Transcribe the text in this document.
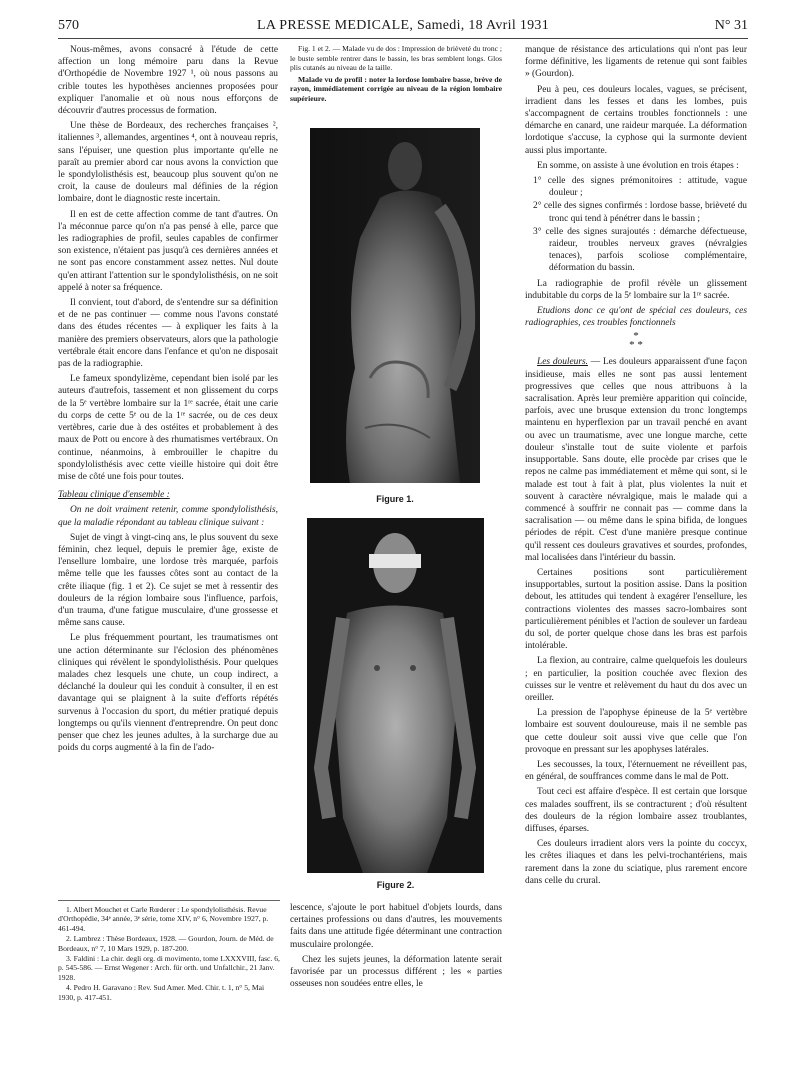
570	LA PRESSE MEDICALE, Samedi, 18 Avril 1931	N° 31

Nous-mêmes, avons consacré à l'étude de cette affection un long mémoire paru dans la Revue d'Orthopédie de Novembre 1927 ¹, où nous passons au crible toutes les hypothèses anciennes proposées pour expliquer l'anomalie et où nous nous efforçons de découvrir d'autres processus de formation.

Une thèse de Bordeaux, des recherches françaises ², italiennes ³, allemandes, argentines ⁴, ont à nouveau repris, sans l'épuiser, une question plus importante qu'elle ne paraît au premier abord car nous avons la conviction que le spondylolisthésis est, beaucoup plus souvent qu'on ne croit, la cause de douleurs mal définies de la région lombaire, dont le diagnostic reste incertain.

Il en est de cette affection comme de tant d'autres. On l'a méconnue parce qu'on n'a pas pensé à elle, parce que les radiographies de profil, seules capables de confirmer son existence, n'étaient pas jusqu'à ces dernières années et ne sont pas encore constamment assez nettes. Nul doute qu'en attirant l'attention sur le spondylolisthésis, on ne soit appelé à noter sa fréquence.

Il convient, tout d'abord, de s'entendre sur sa définition et de ne pas continuer — comme nous l'avons constaté dans des études récentes — à expliquer les faits à la manière des premiers observateurs, alors que la pathologie vertébrale était encore dans l'enfance et qu'on ne disposait pas de la radiographie.

Le fameux spondylizème, cependant bien isolé par les auteurs d'autrefois, tassement et non glissement du corps de la 5ᵉ vertèbre lombaire sur la 1ʳᵉ sacrée, était une carie du corps de cette 5ᵉ ou de la 1ʳᵉ sacrée, ou de ces deux vertèbres, carie due à des ostéites et probablement à des maux de Pott ou encore à des rhumatismes vertébraux. On continue, néanmoins, à embrouiller le chapitre du spondylolisthésis avec cette vieille histoire qui doit être mise de côté une fois pour toutes.

Tableau clinique d'ensemble :

On ne doit vraiment retenir, comme spondylolisthésis, que la maladie répondant au tableau clinique suivant :

Sujet de vingt à vingt-cinq ans, le plus souvent du sexe féminin, chez lequel, depuis le premier âge, existe de l'ensellure lombaire, une lordose très marquée, parfois même telle que les fausses côtes sont au contact de la crête iliaque (fig. 1 et 2). Ce sujet se met à ressentir des douleurs de la région lombaire sous l'influence, parfois, d'un trauma, d'une fatigue musculaire, d'une grossesse et même sans cause.

Le plus fréquemment pourtant, les traumatismes ont une action déterminante sur l'éclosion des phénomènes cliniques qui révèlent le spondylolisthésis. Pour quelques malades chez lesquels une chute, un coup indirect, a déclanché la douleur qui les conduit à consulter, il en est davantage qui se plaignent à la suite d'efforts répétés survenus à l'occasion du sport, du métier pratiqué depuis longtemps ou qu'ils viennent d'entreprendre. On peut donc penser que chez les jeunes adultes, à la surcharge due au poids du corps augmenté à la fin de l'ado-

1. Albert Mouchet et Carle Rœderer : Le spondylolisthésis. Revue d'Orthopédie, 34ᵉ année, 3ᵉ série, tome XIV, n° 6, Novembre 1927, p. 461-494.
2. Lambrez : Thèse Bordeaux, 1928. — Gourdon, Journ. de Méd. de Bordeaux, n° 7, 10 Mars 1929, p. 187-200.
3. Faldini : La chir. degli org. di movimento, tome LXXXVIII, fasc. 6, p. 545-586. — Ernst Wegener : Arch. für orth. und Unfallchir., 21 Janv. 1928.
4. Pedro H. Garavano : Rev. Sud Amer. Med. Chir. t. 1, n° 5, Mai 1930, p. 417-451.

Fig. 1 et 2. — Malade vu de dos : Impression de brièveté du tronc ; le buste semble rentrer dans le bassin, les bras semblent longs. Glos plis cutanés au niveau de la taille.

Malade vu de profil : noter la lordose lombaire basse, brève de rayon, immédiatement corrigée au niveau de la région lombaire supérieure.

Figure 1.
Figure 2.

lescence, s'ajoute le port habituel d'objets lourds, dans certaines professions ou dans d'autres, les mouvements faits dans une attitude figée déterminant une contraction musculaire prolongée.

Chez les sujets jeunes, la déformation latente serait favorisée par un processus différent ; les « parties osseuses non soudées entre elles, le

manque de résistance des articulations qui n'ont pas leur forme définitive, les ligaments de retenue qui sont faibles » (Gourdon).

Peu à peu, ces douleurs locales, vagues, se précisent, irradient dans les fesses et dans les lombes, puis s'accompagnent de certains troubles fonctionnels : une démarche en canard, une raideur marquée. La déformation lordotique s'accuse, la cyphose qui la surmonte devient aussi plus importante.

En somme, on assiste à une évolution en trois étapes :

1° celle des signes prémonitoires : attitude, vague douleur ;
2° celle des signes confirmés : lordose basse, brièveté du tronc qui tend à pénétrer dans le bassin ;
3° celle des signes surajoutés : démarche défectueuse, raideur, troubles nerveux graves (névralgies tenaces), parfois scoliose complémentaire, déformation du bassin.

La radiographie de profil révèle un glissement indubitable du corps de la 5ᵉ lombaire sur la 1ʳᵉ sacrée.

Etudions donc ce qu'ont de spécial ces douleurs, ces radiographies, ces troubles fonctionnels

*
* *

Les douleurs. — Les douleurs apparaissent d'une façon insidieuse, mais elles ne sont pas aussi lentement progressives que celles que nous attribuons à la sacralisation. Après leur première apparition qui coïncide, parfois, avec une brusque extension du tronc longtemps maintenu en hyperflexion par un travail penché en avant ou avec un traumatisme, avec une longue marche, cette douleur s'installe tout de suite violente et parfois insupportable. Sans doute, elle procède par crises que le repos ne calme pas immédiatement et même qui sont, si le malade est tout à fait à plat, plus violentes la nuit et souvent à caractère névralgique, mais le malade qui a commencé à souffrir ne connait pas — comme dans la sacralisation — ou même dans le spina bifida, de longues périodes de répit. C'est d'une manière presque continue qu'il ressent ces douleurs gravatives et sourdes, profondes, mal localisées dans l'intérieur du bassin.

Certaines positions sont particulièrement insupportables, surtout la position assise. Dans la position debout, les attitudes qui tendent à exagérer l'ensellure, les contractions violentes des masses sacro-lombaires sont particulièrement pénibles et l'action de soulever un fardeau du sol, de porter quelque chose dans les bras est parfois intolérable.

La flexion, au contraire, calme quelquefois les douleurs ; en particulier, la position couchée avec flexion des cuisses sur le ventre et relèvement du haut du dos avec un oreiller.

La pression de l'apophyse épineuse de la 5ᵉ vertèbre lombaire est souvent douloureuse, mais il ne semble pas que cette douleur soit aussi vive que celle que l'on provoque en pressant sur les apophyses latérales.

Les secousses, la toux, l'éternuement ne réveillent pas, en général, de souffrances comme dans le mal de Pott.

Tout ceci est affaire d'espèce. Il est certain que lorsque ces malades souffrent, ils se contracturent ; d'où résultent des douleurs de la région lombaire assez troublantes, diffuses, éparses.

Ces douleurs irradient alors vers la pointe du coccyx, les crêtes iliaques et dans les pelvi-trochantériens, mais rarement dans la zone du sciatique, plus rarement encore dans celle du crural.
